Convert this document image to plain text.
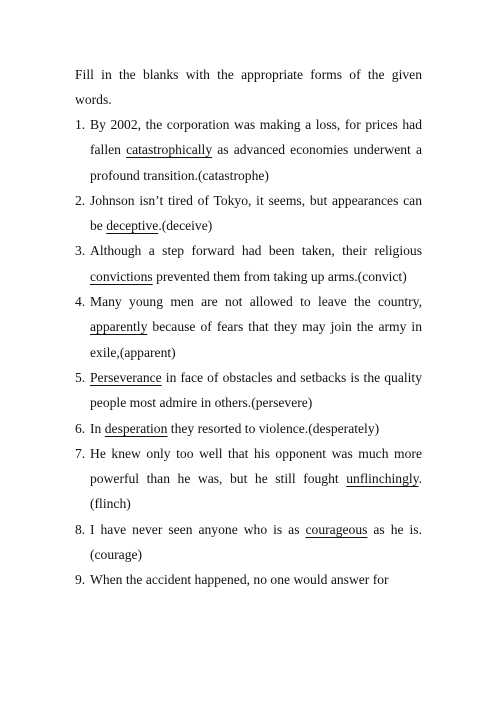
Fill in the blanks with the appropriate forms of the given words.
1. By 2002, the corporation was making a loss, for prices had fallen catastrophically as advanced economies underwent a profound transition.(catastrophe)
2. Johnson isn’t tired of Tokyo, it seems, but appearances can be deceptive.(deceive)
3. Although a step forward had been taken, their religious convictions prevented them from taking up arms.(convict)
4. Many young men are not allowed to leave the country, apparently because of fears that they may join the army in exile,(apparent)
5. Perseverance in face of obstacles and setbacks is the quality people most admire in others.(persevere)
6. In desperation they resorted to violence.(desperately)
7. He knew only too well that his opponent was much more powerful than he was, but he still fought unflinchingly.(flinch)
8. I have never seen anyone who is as courageous as he is.(courage)
9. When the accident happened, no one would answer for
